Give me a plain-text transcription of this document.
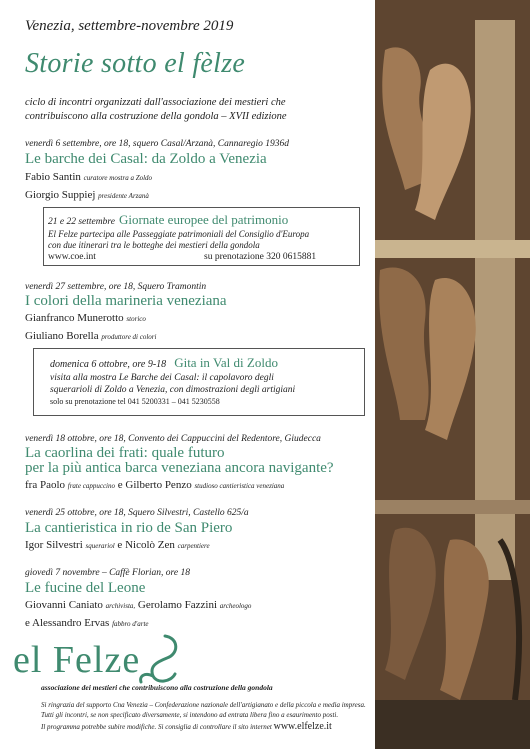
Venezia, settembre-novembre 2019
Storie sotto el fèlze
ciclo di incontri organizzati dall'associazione dei mestieri che
contribuiscono alla costruzione della gondola – XVII edizione
venerdì 6 settembre, ore 18, squero Casal/Arzanà, Cannaregio 1936d
Le barche dei Casal: da Zoldo a Venezia
Fabio Santin curatore mostra a Zoldo
Giorgio Suppiej presidente Arzanà
21 e 22 settembre Giornate europee del patrimonio
El Felze partecipa alle Passeggiate patrimoniali del Consiglio d'Europa
con due itinerari tra le botteghe dei mestieri della gondola
www.coe.int	su prenotazione 320 0615881
venerdì 27 settembre, ore 18, Squero Tramontin
I colori della marineria veneziana
Gianfranco Munerotto storico
Giuliano Borella produttore di colori
domenica 6 ottobre, ore 9-18 Gita in Val di Zoldo
visita alla mostra Le Barche dei Casal: il capolavoro degli
squerarioli di Zoldo a Venezia, con dimostrazioni degli artigiani
solo su prenotazione tel 041 5200331 – 041 5230558
venerdì 18 ottobre, ore 18, Convento dei Cappuccini del Redentore, Giudecca
La caorlina dei frati: quale futuro
per la più antica barca veneziana ancora navigante?
fra Paolo frate cappuccino e Gilberto Penzo studioso cantieristica veneziana
venerdì 25 ottobre, ore 18, Squero Silvestri, Castello 625/a
La cantieristica in rio de San Piero
Igor Silvestri squerariol e Nicolò Zen carpentiere
giovedì 7 novembre – Caffè Florian, ore 18
Le fucine del Leone
Giovanni Caniato archivista, Gerolamo Fazzini archeologo
e Alessandro Ervas fabbro d'arte
el Felze
associazione dei mestieri che contribuiscono alla costruzione della gondola
Si ringrazia del supporto Cna Venezia – Confederazione nazionale dell'artigianato e della piccola e media impresa.
Tutti gli incontri, se non specificato diversamente, si intendono ad entrata libera fino a esaurimento posti.
Il programma potrebbe subire modifiche. Si consiglia di controllare il sito internet www.elfelze.it
